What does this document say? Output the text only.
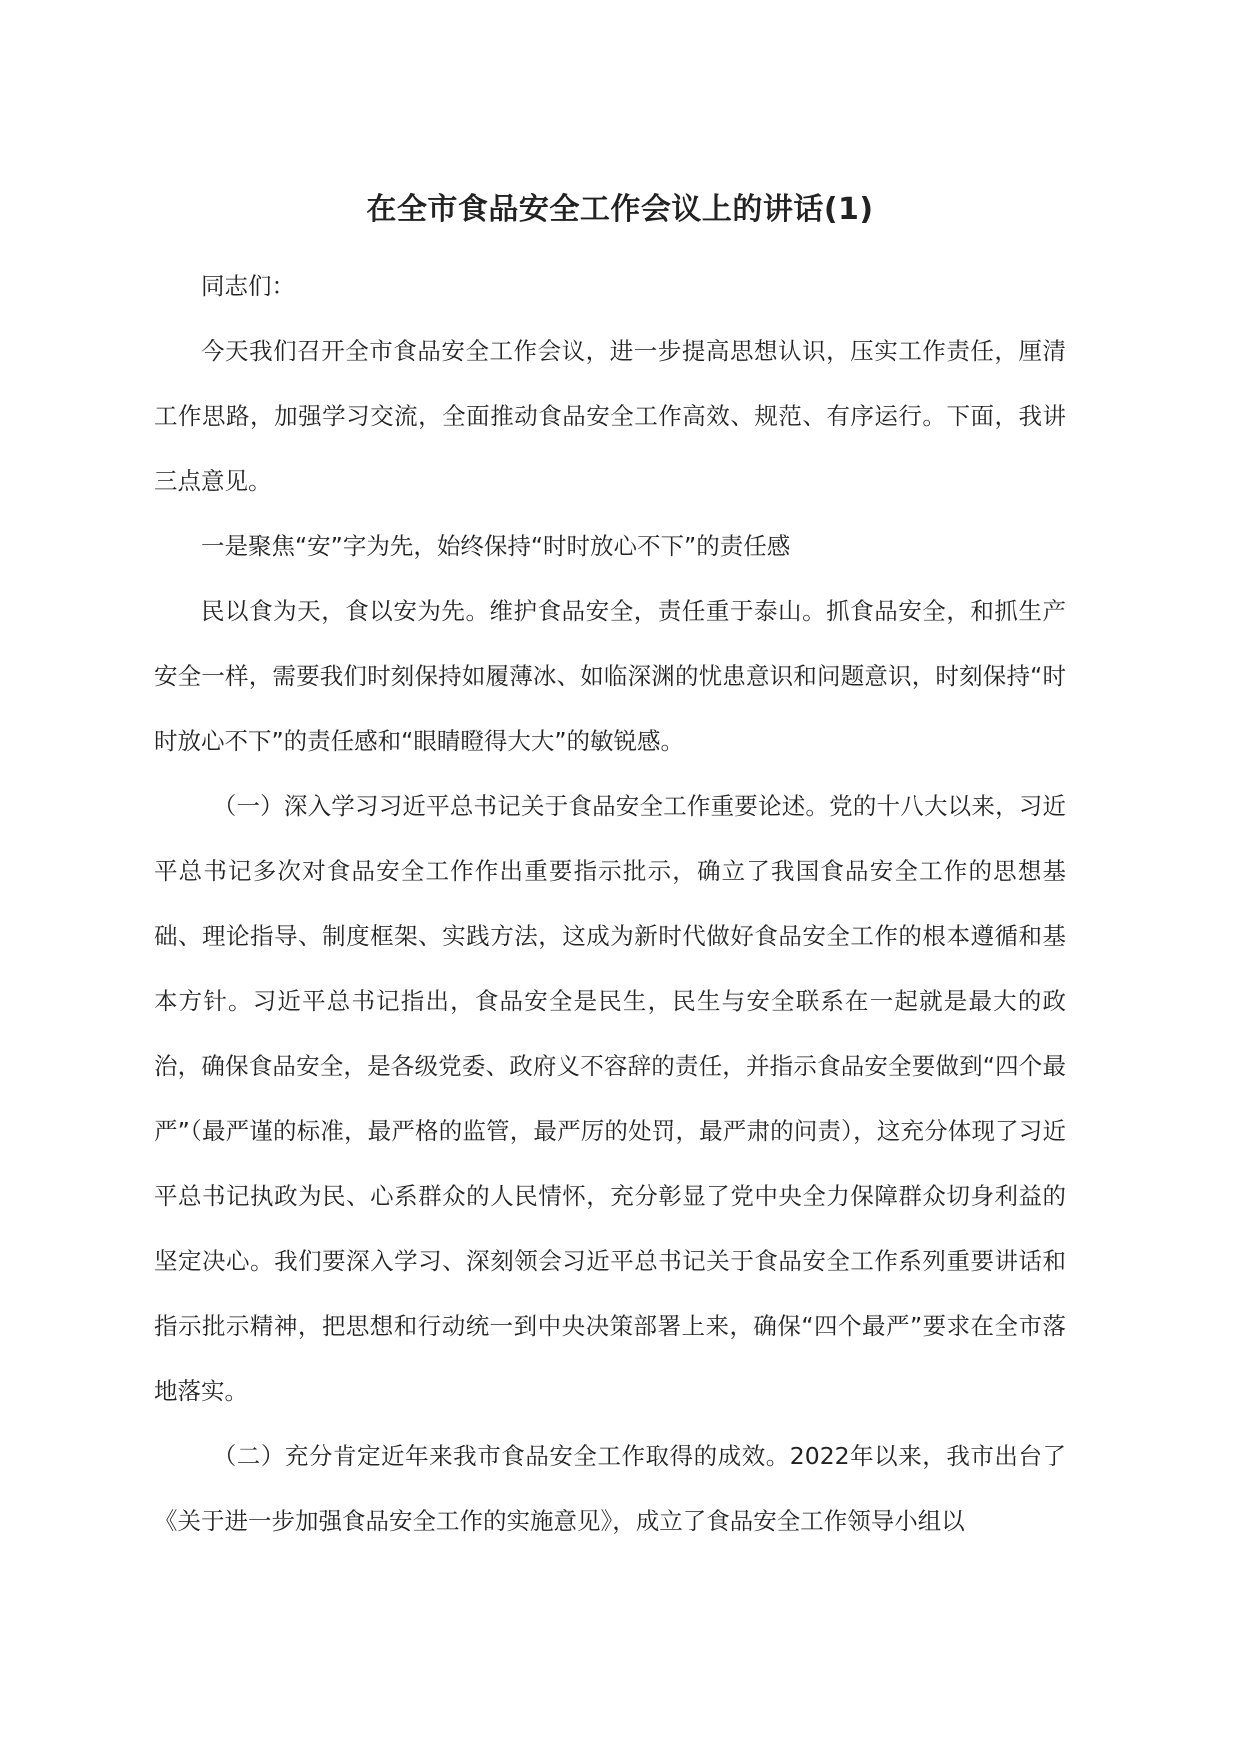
在全市食品安全工作会议上的讲话(1)

同志们：

今天我们召开全市食品安全工作会议，进一步提高思想认识，压实工作责任，厘清工作思路，加强学习交流，全面推动食品安全工作高效、规范、有序运行。下面，我讲三点意见。

一是聚焦“安”字为先，始终保持“时时放心不下”的责任感

民以食为天，食以安为先。维护食品安全，责任重于泰山。抓食品安全，和抓生产安全一样，需要我们时刻保持如履薄冰、如临深渊的忧患意识和问题意识，时刻保持“时时放心不下”的责任感和“眼睛瞪得大大”的敏锐感。

（一）深入学习习近平总书记关于食品安全工作重要论述。党的十八大以来，习近平总书记多次对食品安全工作作出重要指示批示，确立了我国食品安全工作的思想基础、理论指导、制度框架、实践方法，这成为新时代做好食品安全工作的根本遵循和基本方针。习近平总书记指出，食品安全是民生，民生与安全联系在一起就是最大的政治，确保食品安全，是各级党委、政府义不容辞的责任，并指示食品安全要做到“四个最严”（最严谨的标准，最严格的监管，最严厉的处罚，最严肃的问责），这充分体现了习近平总书记执政为民、心系群众的人民情怀，充分彰显了党中央全力保障群众切身利益的坚定决心。我们要深入学习、深刻领会习近平总书记关于食品安全工作系列重要讲话和指示批示精神，把思想和行动统一到中央决策部署上来，确保“四个最严”要求在全市落地落实。

（二）充分肯定近年来我市食品安全工作取得的成效。2022年以来，我市出台了《关于进一步加强食品安全工作的实施意见》，成立了食品安全工作领导小组以
